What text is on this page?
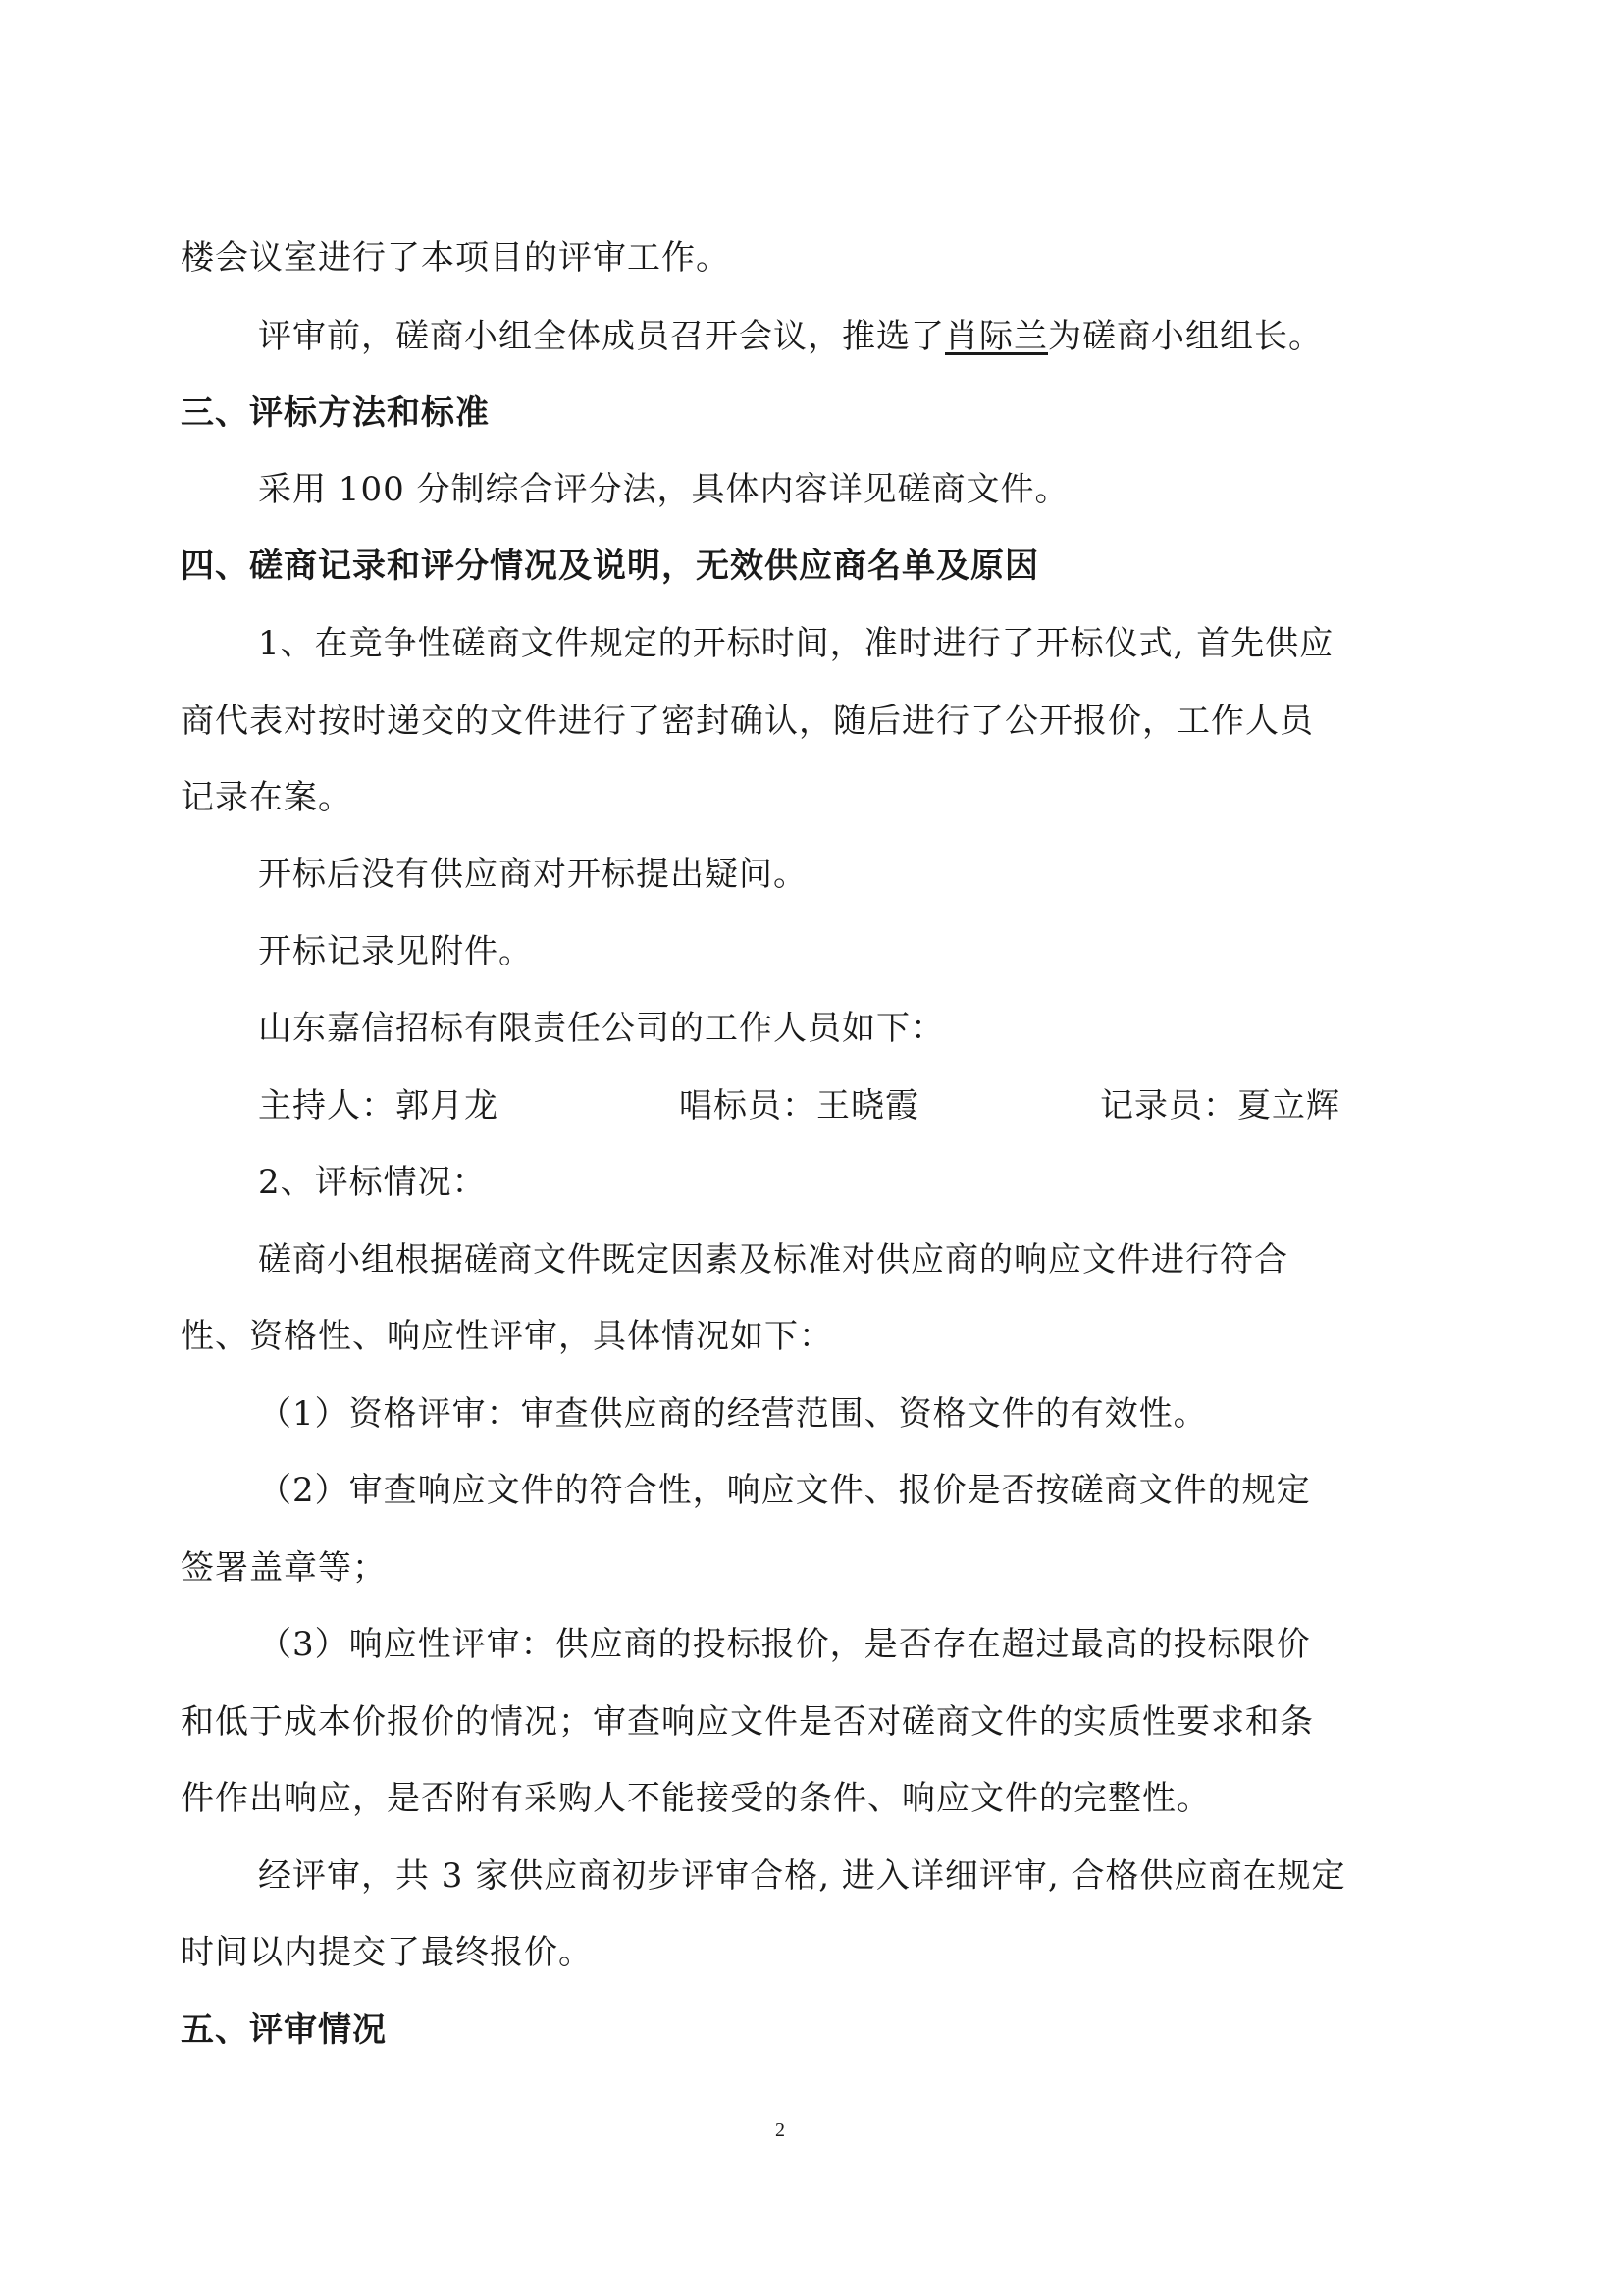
楼会议室进行了本项目的评审工作。
评审前，磋商小组全体成员召开会议，推选了肖际兰为磋商小组组长。
三、评标方法和标准
采用 100 分制综合评分法，具体内容详见磋商文件。
四、磋商记录和评分情况及说明，无效供应商名单及原因
1、在竞争性磋商文件规定的开标时间，准时进行了开标仪式, 首先供应
商代表对按时递交的文件进行了密封确认，随后进行了公开报价，工作人员
记录在案。
开标后没有供应商对开标提出疑问。
开标记录见附件。
山东嘉信招标有限责任公司的工作人员如下：
主持人：郭月龙	唱标员：王晓霞	记录员：夏立辉
2、评标情况：
磋商小组根据磋商文件既定因素及标准对供应商的响应文件进行符合
性、资格性、响应性评审，具体情况如下：
（1）资格评审：审查供应商的经营范围、资格文件的有效性。
（2）审查响应文件的符合性，响应文件、报价是否按磋商文件的规定
签署盖章等；
（3）响应性评审：供应商的投标报价，是否存在超过最高的投标限价
和低于成本价报价的情况；审查响应文件是否对磋商文件的实质性要求和条
件作出响应，是否附有采购人不能接受的条件、响应文件的完整性。
经评审，共 3 家供应商初步评审合格, 进入详细评审, 合格供应商在规定
时间以内提交了最终报价。
五、评审情况
2
